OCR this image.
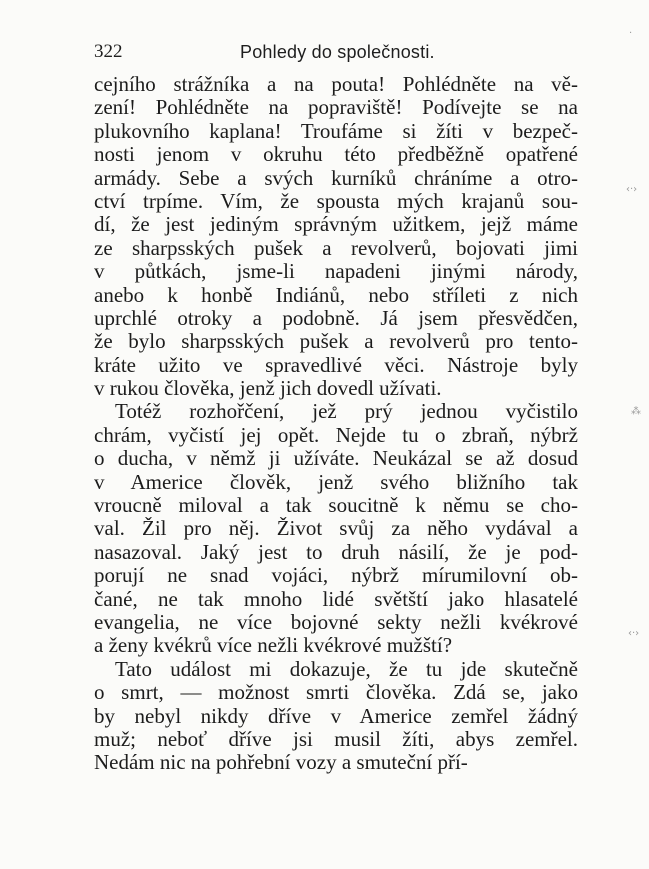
322	Pohledy do společnosti.
cejního strážníka a na pouta! Pohlédněte na vě-
zení! Pohlédněte na popraviště! Podívejte se na
plukovního kaplana! Troufáme si žíti v bezpeč-
nosti jenom v okruhu této předběžně opatřené
armády. Sebe a svých kurníků chráníme a otro-
ctví trpíme. Vím, že spousta mých krajanů sou-
dí, že jest jediným správným užitkem, jejž máme
ze sharpsských pušek a revolverů, bojovati jimi
v půtkách, jsme-li napadeni jinými národy,
anebo k honbě Indiánů, nebo stříleti z nich
uprchlé otroky a podobně. Já jsem přesvědčen,
že bylo sharpsských pušek a revolverů pro tento-
kráte užito ve spravedlivé věci. Nástroje byly
v rukou člověka, jenž jich dovedl užívati.
Totéž rozhořčení, jež prý jednou vyčistilo
chrám, vyčistí jej opět. Nejde tu o zbraň, nýbrž
o ducha, v němž ji užíváte. Neukázal se až dosud
v Americe člověk, jenž svého bližního tak
vroucně miloval a tak soucitně k němu se cho-
val. Žil pro něj. Život svůj za něho vydával a
nasazoval. Jaký jest to druh násilí, že je pod-
porují ne snad vojáci, nýbrž mírumilovní ob-
čané, ne tak mnoho lidé světští jako hlasatelé
evangelia, ne více bojovné sekty nežli kvékrové
a ženy kvékrů více nežli kvékrové mužští?
Tato událost mi dokazuje, že tu jde skutečně
o smrt, — možnost smrti člověka. Zdá se, jako
by nebyl nikdy dříve v Americe zemřel žádný
muž; neboť dříve jsi musil žíti, abys zemřel.
Nedám nic na pohřební vozy a smuteční pří-
‹·›
⁂
‹·›
·
